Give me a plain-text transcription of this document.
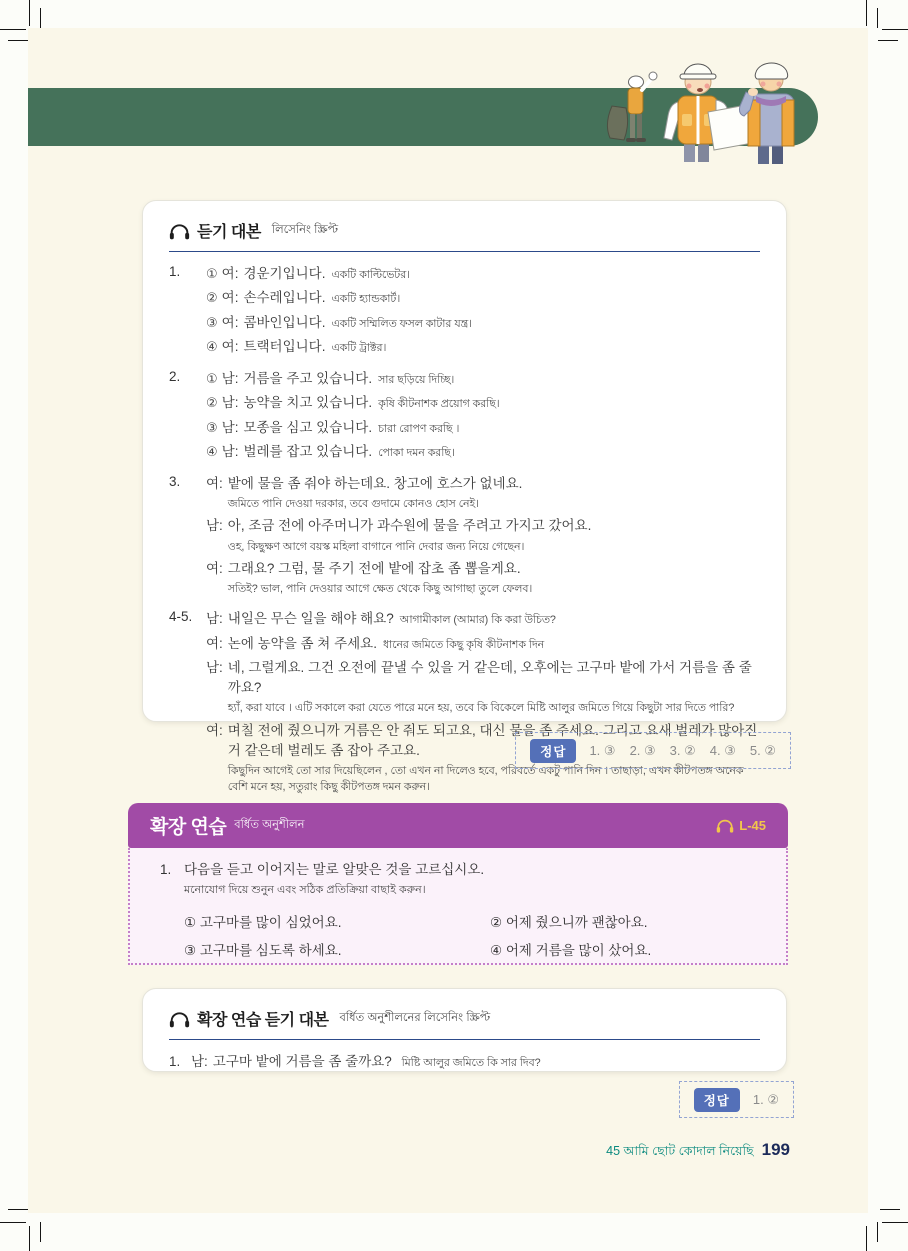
듣기 대본 লিসেনিং স্ক্রিপ্ট
1.	① 여: 경운기입니다. একটি কাল্টিভেটর।
② 여: 손수레입니다. একটি হ্যান্ডকার্ট।
③ 여: 콤바인입니다. একটি সম্মিলিত ফসল কাটার যন্ত্র।
④ 여: 트랙터입니다. একটি ট্রাক্টর।
2.	① 남: 거름을 주고 있습니다. সার ছড়িয়ে দিচ্ছি।
② 남: 농약을 치고 있습니다. কৃষি কীটনাশক প্রয়োগ করছি।
③ 남: 모종을 심고 있습니다. চারা রোপণ করছি ।
④ 남: 벌레를 잡고 있습니다. পোকা দমন করছি।
3.	여: 밭에 물을 좀 줘야 하는데요. 창고에 호스가 없네요.
জমিতে পানি দেওয়া দরকার, তবে গুদামে কোনও হোস নেই।
남: 아, 조금 전에 아주머니가 과수원에 물을 주려고 가지고 갔어요.
ওহ, কিছুক্ষণ আগে বয়স্ক মহিলা বাগানে পানি দেবার জন্য নিয়ে গেছেন।
여: 그래요? 그럼, 물 주기 전에 밭에 잡초 좀 뽑을게요.
সতিই? ভাল, পানি দেওয়ার আগে ক্ষেত থেকে কিছু আগাছা তুলে ফেলব।
4-5.	남: 내일은 무슨 일을 해야 해요? আগামীকাল (আমার) কি করা উচিত?
여: 논에 농약을 좀 쳐 주세요. ধানের জমিতে কিছু কৃষি কীটনাশক দিন
남: 네, 그럴게요. 그건 오전에 끝낼 수 있을 거 같은데, 오후에는 고구마 밭에 가서 거름을 좀 줄까요?
হ্যাঁ, করা যাবে । এটি সকালে করা যেতে পারে মনে হয়, তবে কি বিকেলে মিষ্টি আলুর জমিতে গিয়ে কিছুটা সার দিতে পারি?
여: 며칠 전에 줬으니까 거름은 안 줘도 되고요, 대신 물을 좀 주세요. 그리고 요새 벌레가 많아진 거 같은데 벌레도 좀 잡아 주고요.
কিছুদিন আগেই তো সার দিয়েছিলেন , তো এখন না দিলেও হবে, পরিবর্তে একটু পানি দিন । তাছাড়া, এখন কীটপতঙ্গ অনেক বেশি মনে হয়, সতুরাং কিছু কীটপতঙ্গ দমন করুন।
정답	1. ③ 2. ③ 3. ② 4. ③ 5. ②
확장 연습 বর্ধিত অনুশীলন	L-45
1. 다음을 듣고 이어지는 말로 알맞은 것을 고르십시오.
মনোযোগ দিয়ে শুনুন এবং সঠিক প্রতিক্রিয়া বাছাই করুন।
① 고구마를 많이 심었어요.	② 어제 줬으니까 괜찮아요.
③ 고구마를 심도록 하세요.	④ 어제 거름을 많이 샀어요.
확장 연습 듣기 대본 বর্ধিত অনুশীলনের লিসেনিং স্ক্রিপ্ট
1. 남: 고구마 밭에 거름을 좀 줄까요? মিষ্টি আলুর জমিতে কি সার দিব?
정답	1. ②
45 আমি ছোট কোদাল নিয়েছি 199
